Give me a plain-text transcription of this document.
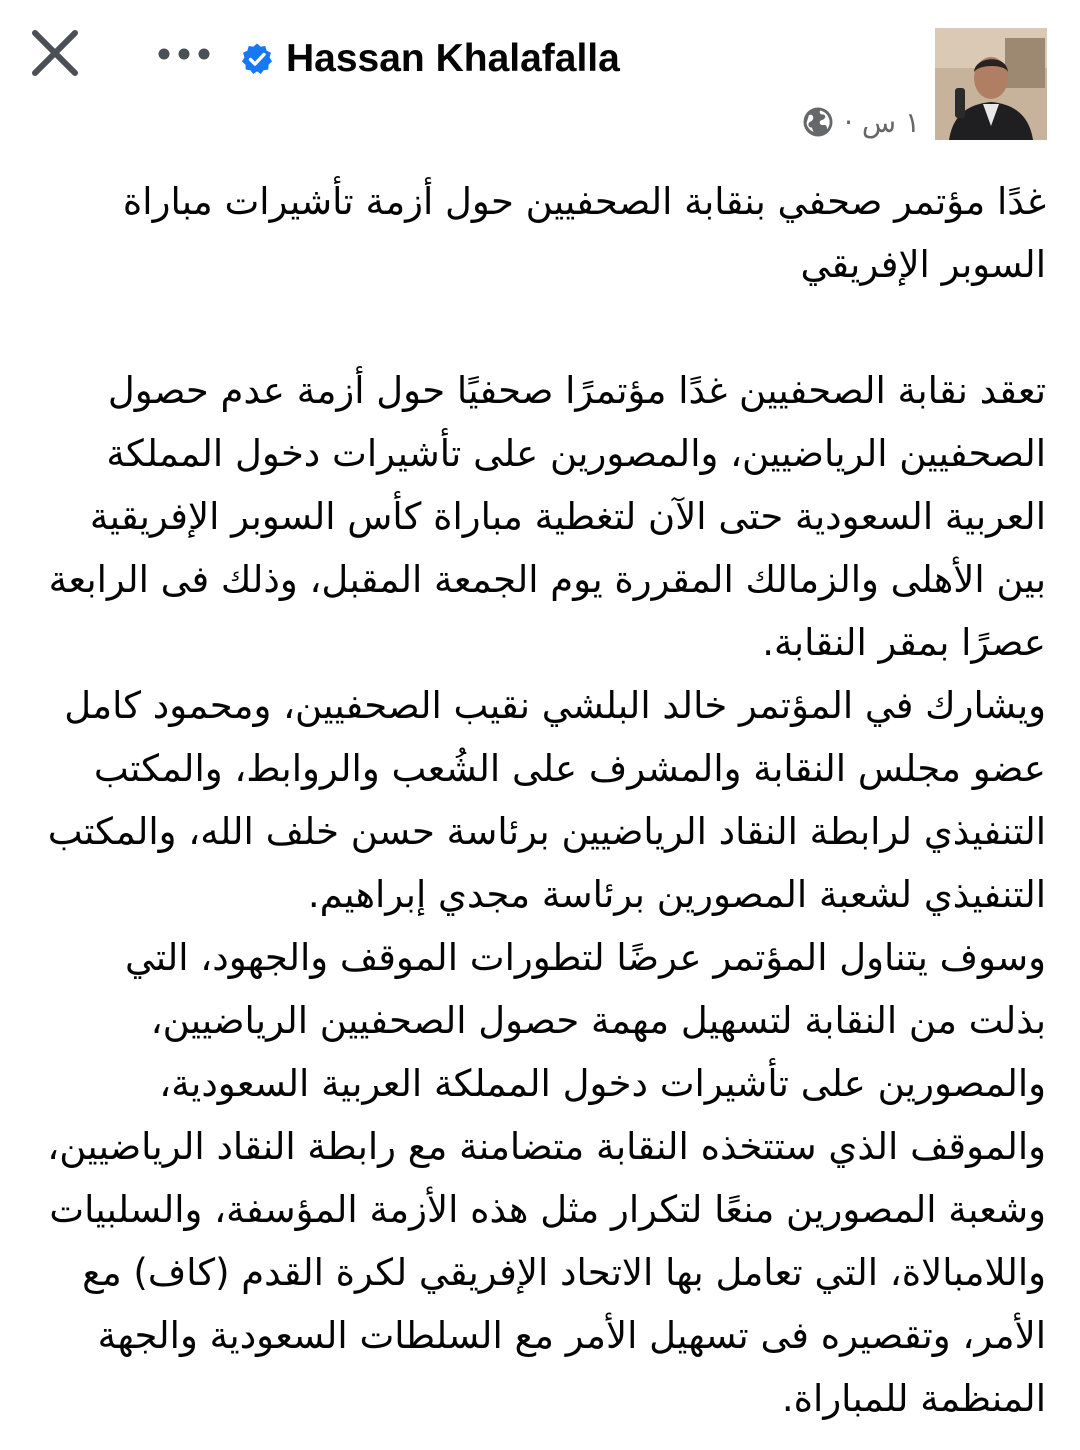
Hassan Khalafalla
١ س ·

غدًا مؤتمر صحفي بنقابة الصحفيين حول أزمة تأشيرات مباراة السوبر الإفريقي

تعقد نقابة الصحفيين غدًا مؤتمرًا صحفيًا حول أزمة عدم حصول الصحفيين الرياضيين، والمصورين على تأشيرات دخول المملكة العربية السعودية حتى الآن لتغطية مباراة كأس السوبر الإفريقية بين الأهلى والزمالك المقررة يوم الجمعة المقبل، وذلك فى الرابعة عصرًا بمقر النقابة.

ويشارك في المؤتمر خالد البلشي نقيب الصحفيين، ومحمود كامل عضو مجلس النقابة والمشرف على الشُعب والروابط، والمكتب التنفيذي لرابطة النقاد الرياضيين برئاسة حسن خلف الله، والمكتب التنفيذي لشعبة المصورين برئاسة مجدي إبراهيم.

وسوف يتناول المؤتمر عرضًا لتطورات الموقف والجهود، التي بذلت من النقابة لتسهيل مهمة حصول الصحفيين الرياضيين، والمصورين على تأشيرات دخول المملكة العربية السعودية، والموقف الذي ستتخذه النقابة متضامنة مع رابطة النقاد الرياضيين، وشعبة المصورين منعًا لتكرار مثل هذه الأزمة المؤسفة، والسلبيات واللامبالاة، التي تعامل بها الاتحاد الإفريقي لكرة القدم (كاف) مع الأمر، وتقصيره فى تسهيل الأمر مع السلطات السعودية والجهة المنظمة للمباراة.
